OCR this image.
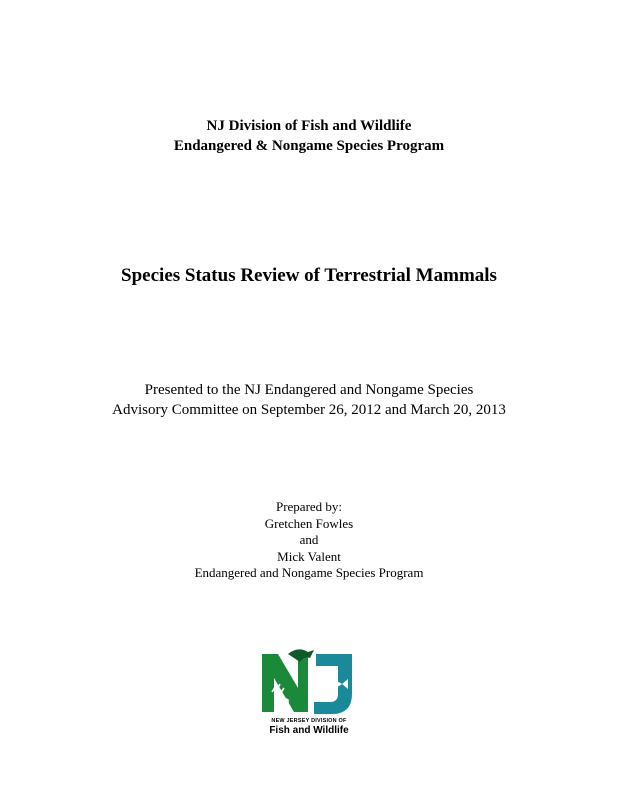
NJ Division of Fish and Wildlife
Endangered & Nongame Species Program
Species Status Review of Terrestrial Mammals
Presented to the NJ Endangered and Nongame Species
Advisory Committee on September 26, 2012 and March 20, 2013
Prepared by:
Gretchen Fowles
and
Mick Valent
Endangered and Nongame Species Program
NEW JERSEY DIVISION OF
Fish and Wildlife
